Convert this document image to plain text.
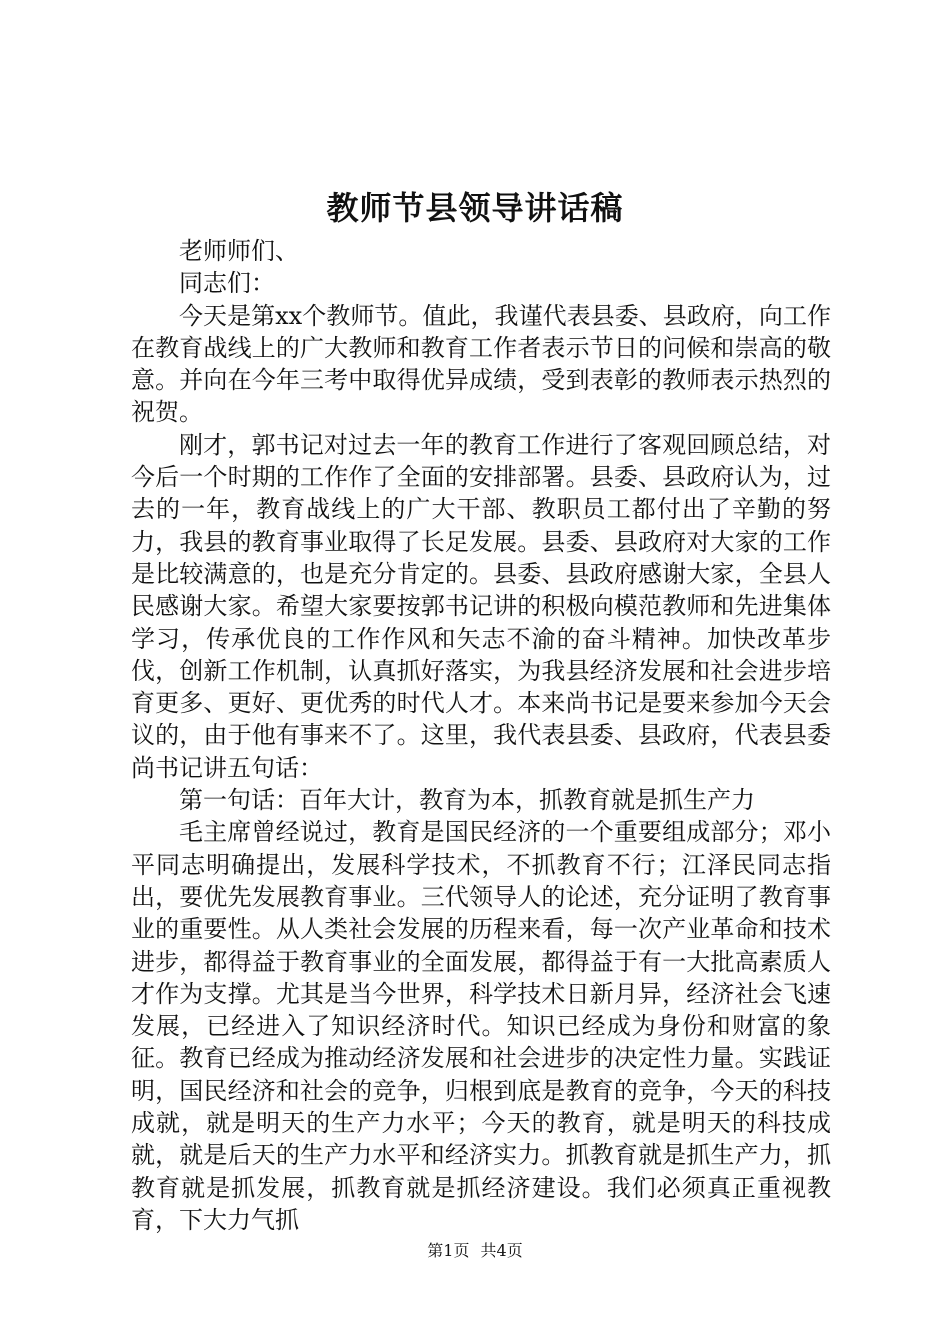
教师节县领导讲话稿

老师师们、

同志们：

今天是第xx个教师节。值此，我谨代表县委、县政府，向工作在教育战线上的广大教师和教育工作者表示节日的问候和崇高的敬意。并向在今年三考中取得优异成绩，受到表彰的教师表示热烈的祝贺。

刚才，郭书记对过去一年的教育工作进行了客观回顾总结，对今后一个时期的工作作了全面的安排部署。县委、县政府认为，过去的一年，教育战线上的广大干部、教职员工都付出了辛勤的努力，我县的教育事业取得了长足发展。县委、县政府对大家的工作是比较满意的，也是充分肯定的。县委、县政府感谢大家，全县人民感谢大家。希望大家要按郭书记讲的积极向模范教师和先进集体学习，传承优良的工作作风和矢志不渝的奋斗精神。加快改革步伐，创新工作机制，认真抓好落实，为我县经济发展和社会进步培育更多、更好、更优秀的时代人才。本来尚书记是要来参加今天会议的，由于他有事来不了。这里，我代表县委、县政府，代表县委尚书记讲五句话：

第一句话：百年大计，教育为本，抓教育就是抓生产力

毛主席曾经说过，教育是国民经济的一个重要组成部分；邓小平同志明确提出，发展科学技术，不抓教育不行；江泽民同志指出，要优先发展教育事业。三代领导人的论述，充分证明了教育事业的重要性。从人类社会发展的历程来看，每一次产业革命和技术进步，都得益于教育事业的全面发展，都得益于有一大批高素质人才作为支撑。尤其是当今世界，科学技术日新月异，经济社会飞速发展，已经进入了知识经济时代。知识已经成为身份和财富的象征。教育已经成为推动经济发展和社会进步的决定性力量。实践证明，国民经济和社会的竞争，归根到底是教育的竞争，今天的科技成就，就是明天的生产力水平；今天的教育，就是明天的科技成就，就是后天的生产力水平和经济实力。抓教育就是抓生产力，抓教育就是抓发展，抓教育就是抓经济建设。我们必须真正重视教育，下大力气抓

第1页 共4页
